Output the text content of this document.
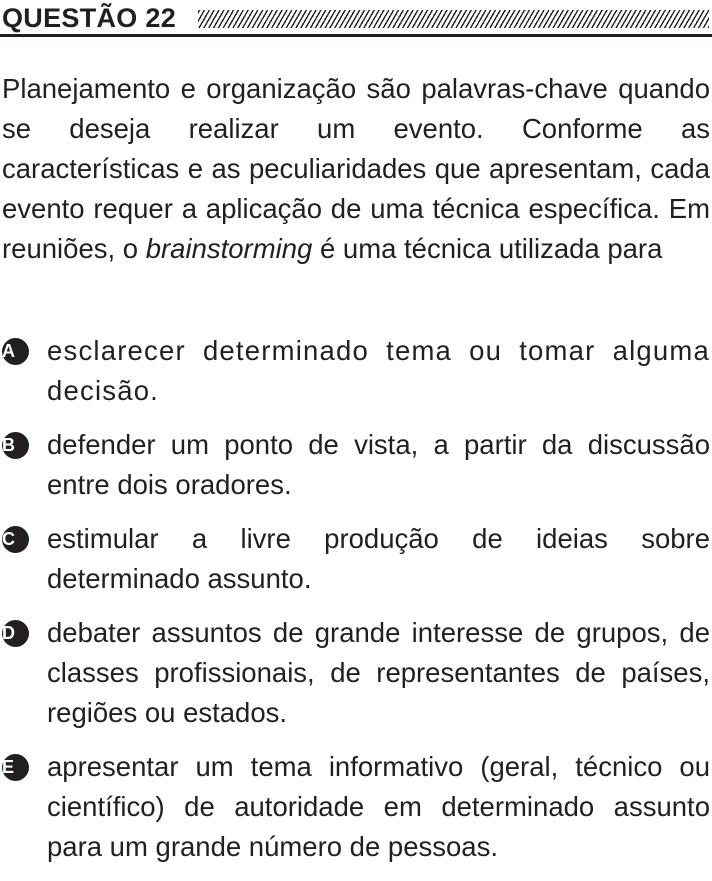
QUESTÃO 22
Planejamento e organização são palavras-chave quando se deseja realizar um evento. Conforme as características e as peculiaridades que apresentam, cada evento requer a aplicação de uma técnica específica. Em reuniões, o brainstorming é uma técnica utilizada para
A	esclarecer determinado tema ou tomar alguma decisão.
B	defender um ponto de vista, a partir da discussão entre dois oradores.
C	estimular a livre produção de ideias sobre determinado assunto.
D	debater assuntos de grande interesse de grupos, de classes profissionais, de representantes de países, regiões ou estados.
E	apresentar um tema informativo (geral, técnico ou científico) de autoridade em determinado assunto para um grande número de pessoas.
